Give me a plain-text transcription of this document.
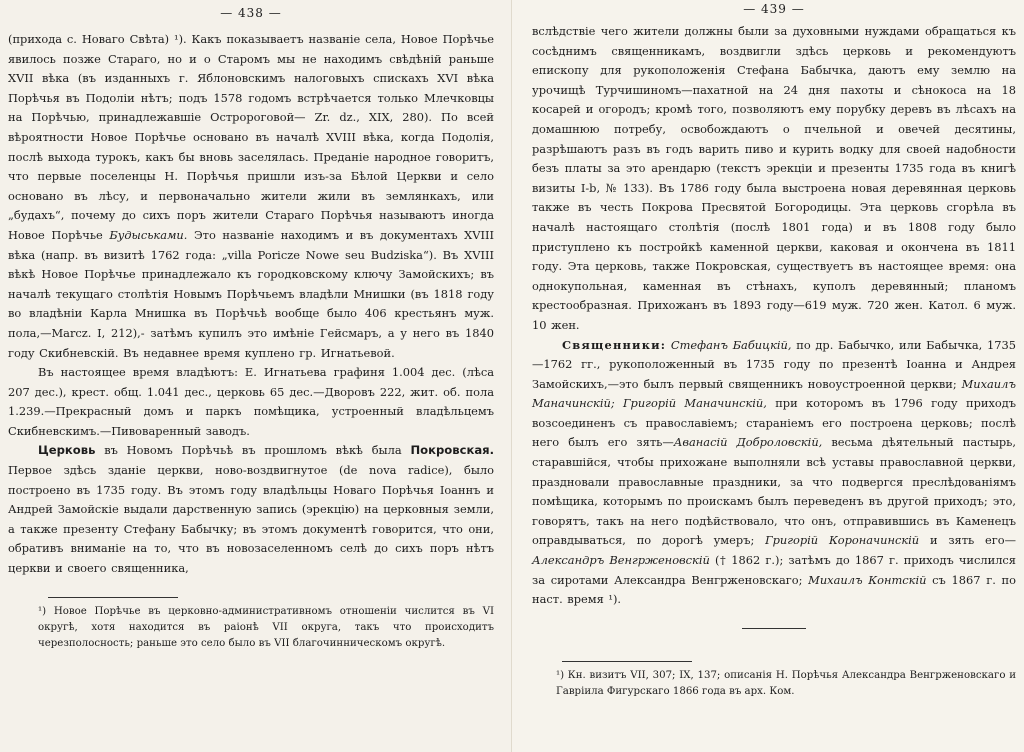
— 438 —

(прихода с. Новаго Свѣта) ¹). Какъ показываетъ названіе села, Новое Порѣчье явилось позже Стараго, но и о Старомъ мы не находимъ свѣдѣній раньше XVII вѣка (въ изданныхъ г. Яблоновскимъ налоговыхъ спискахъ XVI вѣка Порѣчья въ Подоліи нѣтъ; подъ 1578 годомъ встрѣчается только Млечковцы на Порѣчью, принадлежавшіе Остророговой— Zr. dz., XIX, 280). По всей вѣроятности Новое Порѣчье основано въ началѣ XVIII вѣка, когда Подолія, послѣ выхода турокъ, какъ бы вновь заселялась. Преданіе народное говоритъ, что первые поселенцы Н. Порѣчья пришли изъ-за Бѣлой Церкви и село основано въ лѣсу, и первоначально жители жили въ землянкахъ, или „будахъ“, почему до сихъ поръ жители Стараго Порѣчья называютъ иногда Новое Порѣчье Будыськами. Это названіе находимъ и въ документахъ XVIII вѣка (напр. въ визитѣ 1762 года: „villa Poricze Nowe seu Budziska“). Въ XVIII вѣкѣ Новое Порѣчье принадлежало къ городковскому ключу Замойскихъ; въ началѣ текущаго столѣтія Новымъ Порѣчьемъ владѣли Мнишки (въ 1818 году во владѣніи Карла Мнишка въ Порѣчьѣ вообще было 406 крестьянъ муж. пола,—Marcz. I, 212),- затѣмъ купилъ это имѣніе Гейсмаръ, а у него въ 1840 году Скибневскій. Въ недавнее время куплено гр. Игнатьевой.

Въ настоящее время владѣютъ: Е. Игнатьева графиня 1.004 дес. (лѣса 207 дес.), крест. общ. 1.041 дес., церковь 65 дес.—Дворовъ 222, жит. об. пола 1.239.—Прекрасный домъ и паркъ помѣщика, устроенный владѣльцемъ Скибневскимъ.—Пивоваренный заводъ.

Церковь въ Новомъ Порѣчьѣ въ прошломъ вѣкѣ была Покровская. Первое здѣсь зданіе церкви, ново-воздвигнутое (de nova radice), было построено въ 1735 году. Въ этомъ году владѣльцы Новаго Порѣчья Іоаннъ и Андрей Замойскіе выдали дарственную запись (эрекцію) на церковныя земли, а также презенту Стефану Бабычку; въ этомъ документѣ говорится, что они, обративъ вниманіе на то, что въ новозаселенномъ селѣ до сихъ поръ нѣтъ церкви и своего священника,

¹) Новое Порѣчье въ церковно-административномъ отношеніи числится въ VI округѣ, хотя находится въ раіонѣ VII округа, такъ что происходитъ черезполосность; раньше это село было въ VII благочинническомъ округѣ.
— 439 —

вслѣдствіе чего жители должны были за духовными нуждами обращаться къ сосѣднимъ священникамъ, воздвигли здѣсь церковь и рекомендуютъ епископу для рукоположенія Стефана Бабычка, даютъ ему землю на урочищѣ Турчишиномъ—пахатной на 24 дня пахоты и сѣнокоса на 18 косарей и огородъ; кромѣ того, позволяютъ ему порубку деревъ въ лѣсахъ на домашнюю потребу, освобождаютъ о пчельной и овечей десятины, разрѣшаютъ разъ въ годъ варить пиво и курить водку для своей надобности безъ платы за это арендарю (текстъ эрекціи и презенты 1735 года въ книгѣ визиты I-b, № 133). Въ 1786 году была выстроена новая деревянная церковь также въ честь Покрова Пресвятой Богородицы. Эта церковь сгорѣла въ началѣ настоящаго столѣтія (послѣ 1801 года) и въ 1808 году было приступлено къ постройкѣ каменной церкви, каковая и окончена въ 1811 году. Эта церковь, также Покровская, существуетъ въ настоящее время: она однокупольная, каменная въ стѣнахъ, куполъ деревянный; планомъ крестообразная. Прихожанъ въ 1893 году—619 муж. 720 жен. Катол. 6 муж. 10 жен.

Священники: Стефанъ Бабицкій, по др. Бабычко, или Бабычка, 1735—1762 гг., рукоположенный въ 1735 году по презентѣ Іоанна и Андрея Замойскихъ,—это былъ первый священникъ новоустроенной церкви; Михаилъ Маначинскій; Григорій Маначинскій, при которомъ въ 1796 году приходъ возсоединенъ съ православіемъ; стараніемъ его построена церковь; послѣ него былъ его зять—Аванасій Доброловскій, весьма дѣятельный пастырь, старавшійся, чтобы прихожане выполняли всѣ уставы православной церкви, праздновали православные праздники, за что подвергся преслѣдованіямъ помѣщика, которымъ по проискамъ былъ переведенъ въ другой приходъ; это, говорятъ, такъ на него подѣйствовало, что онъ, отправившись въ Каменецъ оправдываться, по дорогѣ умеръ; Григорій Короначинскій и зять его—Александръ Венгрженовскій († 1862 г.); затѣмъ до 1867 г. приходъ числился за сиротами Александра Венгрженовскаго; Михаилъ Контскій съ 1867 г. по наст. время ¹).

¹) Кн. визитъ VII, 307; IX, 137; описанія Н. Порѣчья Александра Венгрженовскаго и Гавріила Фигурскаго 1866 года въ арх. Ком.
